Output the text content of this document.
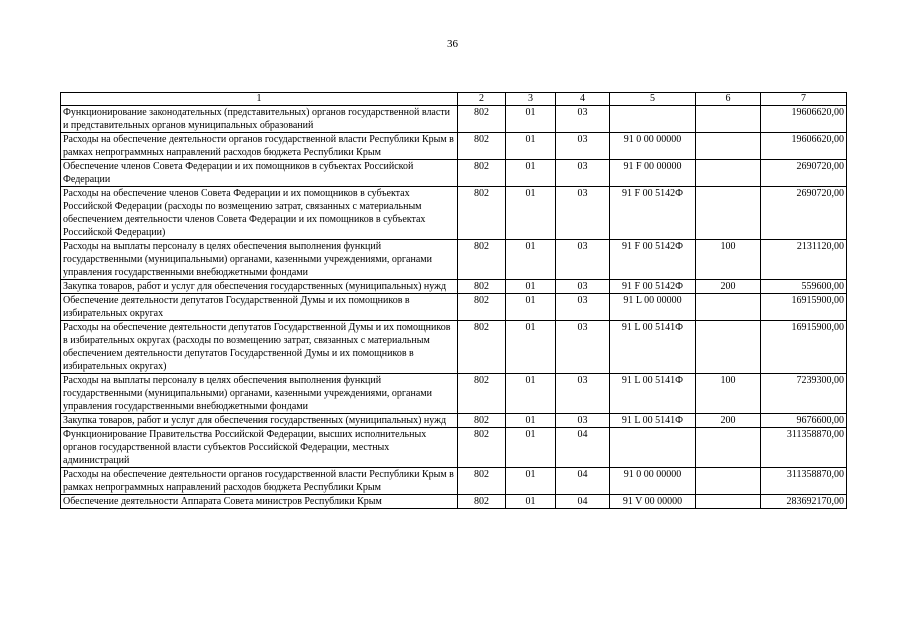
36
1	2	3	4	5	6	7
Функционирование законодательных (представительных) органов государственной власти и представительных органов муниципальных образований	802	01	03			19606620,00
Расходы на обеспечение деятельности органов государственной власти Республики Крым в рамках непрограммных направлений расходов бюджета Республики Крым	802	01	03	91 0 00 00000		19606620,00
Обеспечение членов Совета Федерации и их помощников в субъектах Российской Федерации	802	01	03	91 F 00 00000		2690720,00
Расходы на обеспечение членов Совета Федерации и их помощников в субъектах Российской Федерации (расходы по возмещению затрат, связанных с материальным обеспечением деятельности членов Совета Федерации и их помощников в субъектах Российской Федерации)	802	01	03	91 F 00 5142Ф		2690720,00
Расходы на выплаты персоналу в целях обеспечения выполнения функций государственными (муниципальными) органами, казенными учреждениями, органами управления государственными внебюджетными фондами	802	01	03	91 F 00 5142Ф	100	2131120,00
Закупка товаров, работ и услуг для обеспечения государственных (муниципальных) нужд	802	01	03	91 F 00 5142Ф	200	559600,00
Обеспечение деятельности депутатов Государственной Думы и их помощников в избирательных округах	802	01	03	91 L 00 00000		16915900,00
Расходы на обеспечение деятельности депутатов Государственной Думы и их помощников в избирательных округах (расходы по возмещению затрат, связанных с материальным обеспечением деятельности депутатов Государственной Думы и их помощников в избирательных округах)	802	01	03	91 L 00 5141Ф		16915900,00
Расходы на выплаты персоналу в целях обеспечения выполнения функций государственными (муниципальными) органами, казенными учреждениями, органами управления государственными внебюджетными фондами	802	01	03	91 L 00 5141Ф	100	7239300,00
Закупка товаров, работ и услуг для обеспечения государственных (муниципальных) нужд	802	01	03	91 L 00 5141Ф	200	9676600,00
Функционирование Правительства Российской Федерации, высших исполнительных органов государственной власти субъектов Российской Федерации, местных администраций	802	01	04			311358870,00
Расходы на обеспечение деятельности органов государственной власти Республики Крым в рамках непрограммных направлений расходов бюджета Республики Крым	802	01	04	91 0 00 00000		311358870,00
Обеспечение деятельности Аппарата Совета министров Республики Крым	802	01	04	91 V 00 00000		283692170,00
